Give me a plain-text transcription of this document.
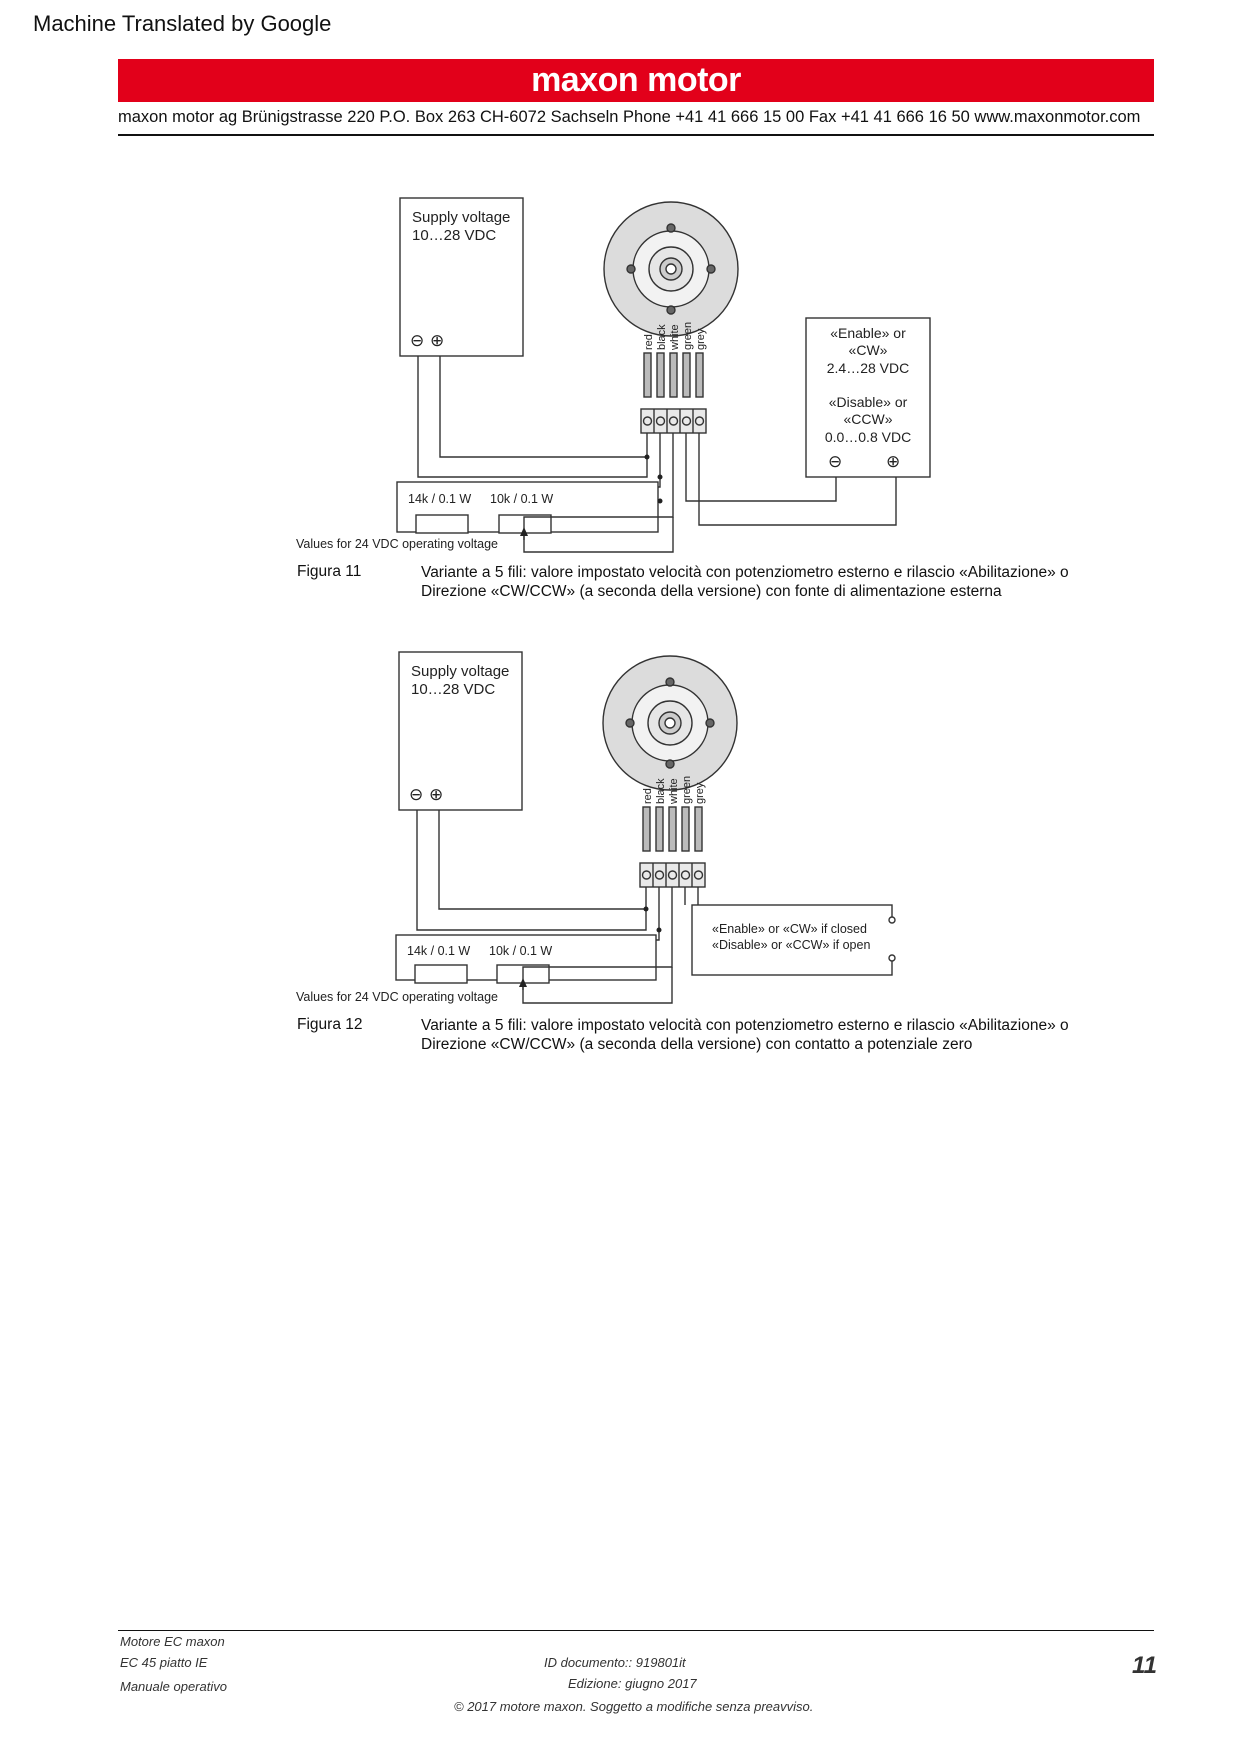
Machine Translated by Google
maxon motor
maxon motor ag Brünigstrasse 220 P.O. Box 263 CH-6072 Sachseln Phone +41 41 666 15 00 Fax +41 41 666 16 50 www.maxonmotor.com
Supply voltage
10…28 VDC
⊖ ⊕	red black white green grey	«Enable» or
«CW»
2.4…28 VDC
«Disable» or
«CCW»
0.0…0.8 VDC
⊖	⊕
14k / 0.1 W 10k / 0.1 W
Values for 24 VDC operating voltage
Figura 11	Variante a 5 fili: valore impostato velocità con potenziometro esterno e rilascio «Abilitazione» o Direzione «CW/CCW» (a seconda della versione) con fonte di alimentazione esterna
Supply voltage
10…28 VDC
⊖ ⊕	red black white green grey
«Enable» or «CW» if closed
«Disable» or «CCW» if open
14k / 0.1 W 10k / 0.1 W
Values for 24 VDC operating voltage
Figura 12	Variante a 5 fili: valore impostato velocità con potenziometro esterno e rilascio «Abilitazione» o Direzione «CW/CCW» (a seconda della versione) con contatto a potenziale zero
Motore EC maxon
EC 45 piatto IE
Manuale operativo
ID documento:: 919801it
Edizione: giugno 2017
© 2017 motore maxon. Soggetto a modifiche senza preavviso.
11
